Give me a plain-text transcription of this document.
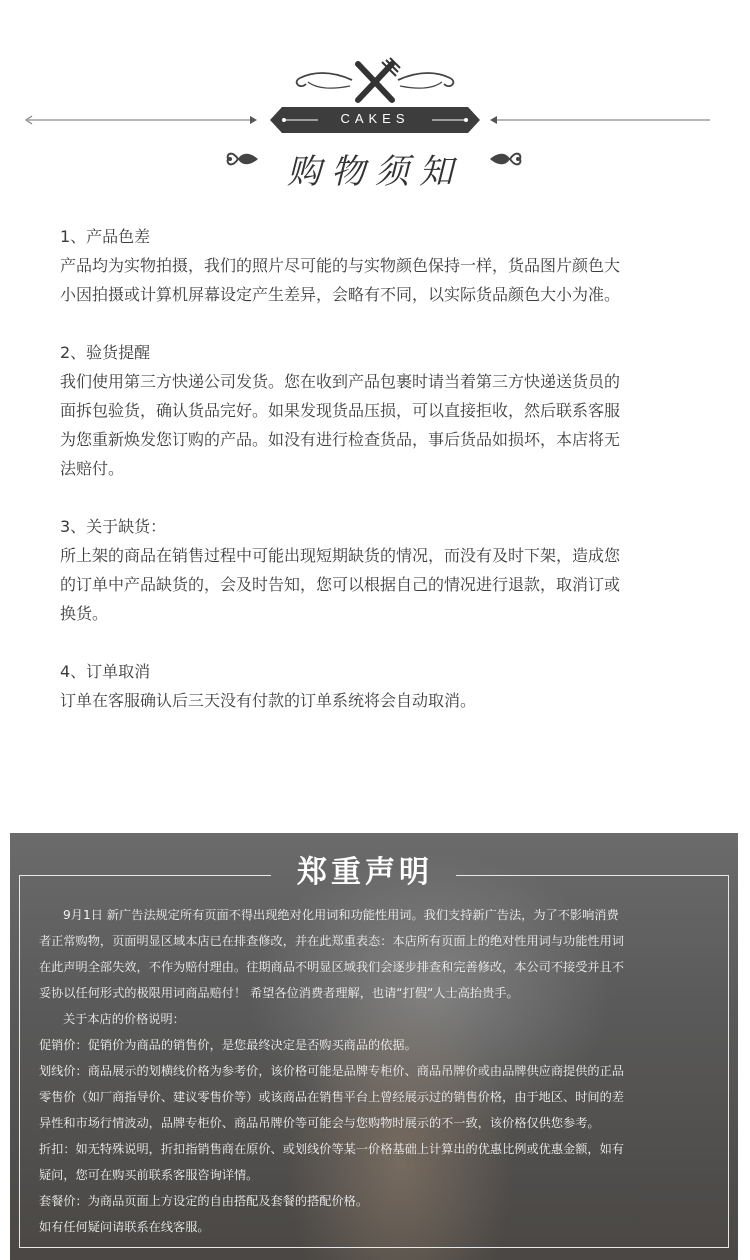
CAKES
购物须知

1、产品色差

产品均为实物拍摄，我们的照片尽可能的与实物颜色保持一样，货品图片颜色大

小因拍摄或计算机屏幕设定产生差异，会略有不同，以实际货品颜色大小为准。

2、验货提醒

我们使用第三方快递公司发货。您在收到产品包裹时请当着第三方快递送货员的

面拆包验货，确认货品完好。如果发现货品压损，可以直接拒收，然后联系客服

为您重新焕发您订购的产品。如没有进行检查货品，事后货品如损坏，本店将无

法赔付。

3、关于缺货：

所上架的商品在销售过程中可能出现短期缺货的情况，而没有及时下架，造成您

的订单中产品缺货的，会及时告知，您可以根据自己的情况进行退款，取消订或

换货。

4、订单取消

订单在客服确认后三天没有付款的订单系统将会自动取消。

郑重声明

9月1日 新广告法规定所有页面不得出现绝对化用词和功能性用词。我们支持新广告法，为了不影响消费

者正常购物，页面明显区域本店已在排查修改，并在此郑重表态：本店所有页面上的绝对性用词与功能性用词

在此声明全部失效，不作为赔付理由。往期商品不明显区域我们会逐步排查和完善修改，本公司不接受并且不

妥协以任何形式的极限用词商品赔付！ 希望各位消费者理解，也请“打假“人士高抬贵手。

关于本店的价格说明：

促销价：促销价为商品的销售价，是您最终决定是否购买商品的依据。

划线价：商品展示的划横线价格为参考价，该价格可能是品牌专柜价、商品吊牌价或由品牌供应商提供的正品

零售价（如厂商指导价、建议零售价等）或该商品在销售平台上曾经展示过的销售价格，由于地区、时间的差

异性和市场行情波动，品牌专柜价、商品吊牌价等可能会与您购物时展示的不一致，该价格仅供您参考。

折扣：如无特殊说明，折扣指销售商在原价、或划线价等某一价格基础上计算出的优惠比例或优惠金额，如有

疑问，您可在购买前联系客服咨询详情。

套餐价：为商品页面上方设定的自由搭配及套餐的搭配价格。

如有任何疑问请联系在线客服。
